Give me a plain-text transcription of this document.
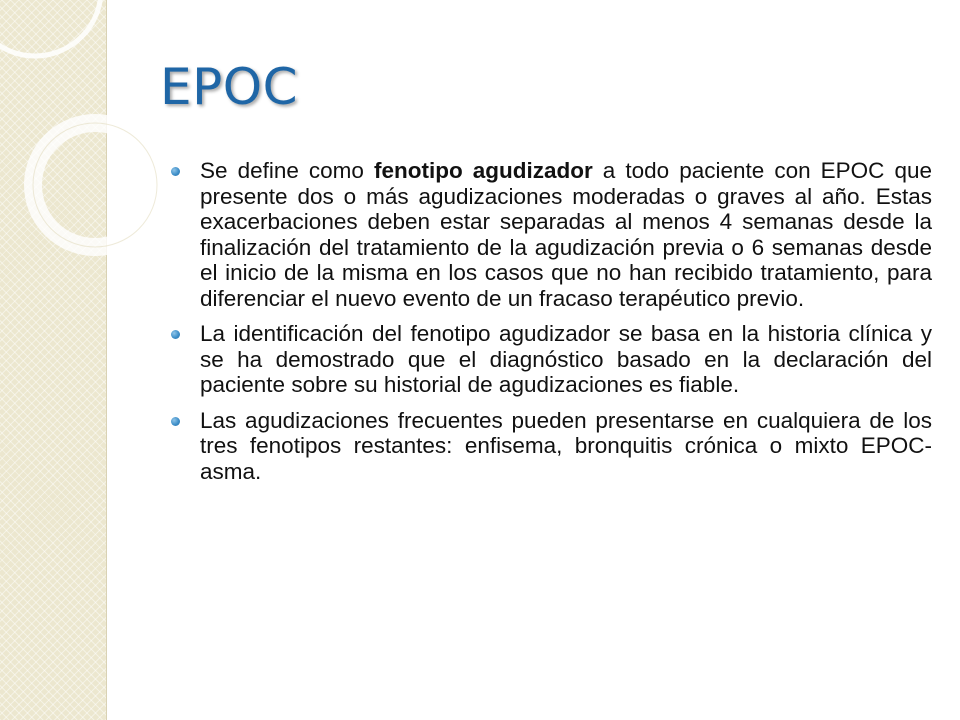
EPOC
Se define como fenotipo agudizador a todo paciente con EPOC que presente dos o más agudizaciones moderadas o graves al año. Estas exacerbaciones deben estar separadas al menos 4 semanas desde la finalización del tratamiento de la agudización previa o 6 semanas desde el inicio de la misma en los casos que no han recibido tratamiento, para diferenciar el nuevo evento de un fracaso terapéutico previo.
La identificación del fenotipo agudizador se basa en la historia clínica y se ha demostrado que el diagnóstico basado en la declaración del paciente sobre su historial de agudizaciones es fiable.
Las agudizaciones frecuentes pueden presentarse en cualquiera de los tres fenotipos restantes: enfisema, bronquitis crónica o mixto EPOC-asma.
